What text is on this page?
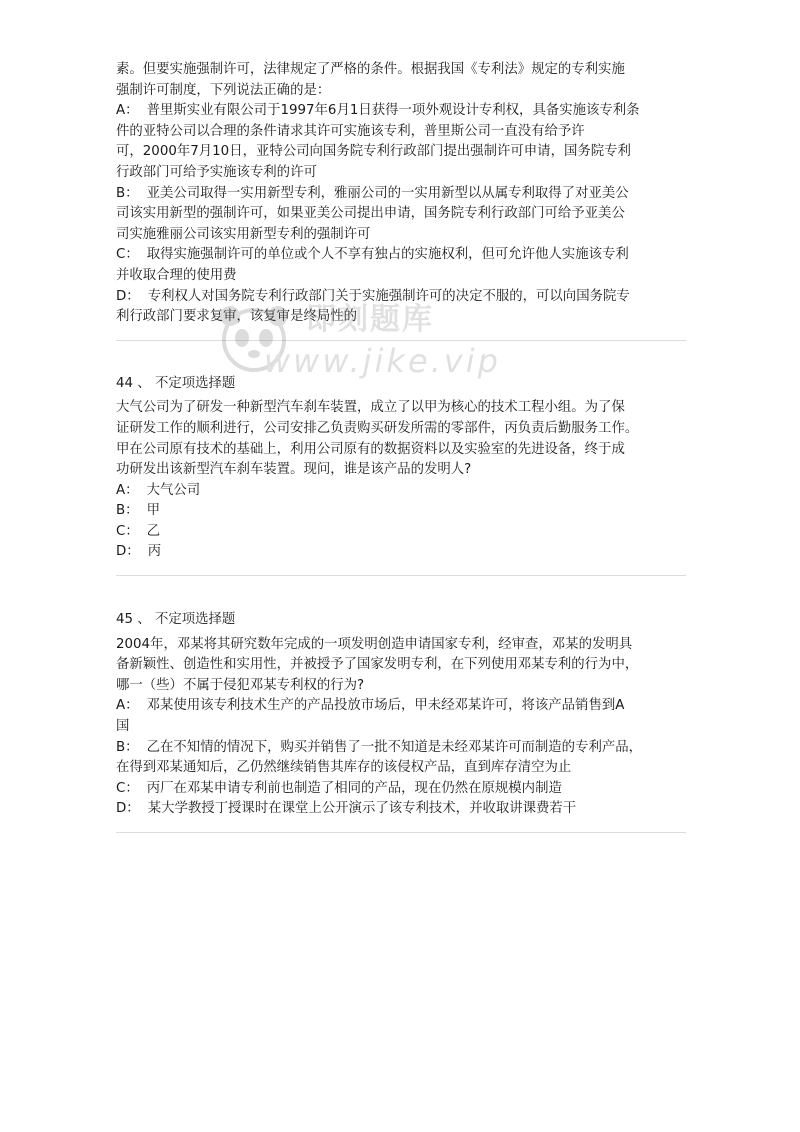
素。但要实施强制许可，法律规定了严格的条件。根据我国《专利法》规定的专利实施
强制许可制度，下列说法正确的是：

A： 普里斯实业有限公司于1997年6月1日获得一项外观设计专利权，具备实施该专利条
件的亚特公司以合理的条件请求其许可实施该专利，普里斯公司一直没有给予许
可，2000年7月10日，亚特公司向国务院专利行政部门提出强制许可申请，国务院专利
行政部门可给予实施该专利的许可

B： 亚美公司取得一实用新型专利，雅丽公司的一实用新型以从属专利取得了对亚美公
司该实用新型的强制许可，如果亚美公司提出申请，国务院专利行政部门可给予亚美公
司实施雅丽公司该实用新型专利的强制许可

C： 取得实施强制许可的单位或个人不享有独占的实施权利，但可允许他人实施该专利
并收取合理的使用费

D： 专利权人对国务院专利行政部门关于实施强制许可的决定不服的，可以向国务院专
利行政部门要求复审，该复审是终局性的

44 、 不定项选择题

大气公司为了研发一种新型汽车刹车装置，成立了以甲为核心的技术工程小组。为了保
证研发工作的顺利进行，公司安排乙负责购买研发所需的零部件，丙负责后勤服务工作。
甲在公司原有技术的基础上，利用公司原有的数据资料以及实验室的先进设备，终于成
功研发出该新型汽车刹车装置。现问，谁是该产品的发明人?

A： 大气公司

B： 甲

C： 乙

D： 丙

45 、 不定项选择题

2004年，邓某将其研究数年完成的一项发明创造申请国家专利，经审查，邓某的发明具
备新颖性、创造性和实用性，并被授予了国家发明专利，在下列使用邓某专利的行为中，
哪一（些）不属于侵犯邓某专利权的行为?

A： 邓某使用该专利技术生产的产品投放市场后，甲未经邓某许可，将该产品销售到A
国

B： 乙在不知情的情况下，购买并销售了一批不知道是未经邓某许可而制造的专利产品，
在得到邓某通知后，乙仍然继续销售其库存的该侵权产品，直到库存清空为止

C： 丙厂在邓某申请专利前也制造了相同的产品，现在仍然在原规模内制造

D： 某大学教授丁授课时在课堂上公开演示了该专利技术，并收取讲课费若干

即刻题库
www.jike.vip
